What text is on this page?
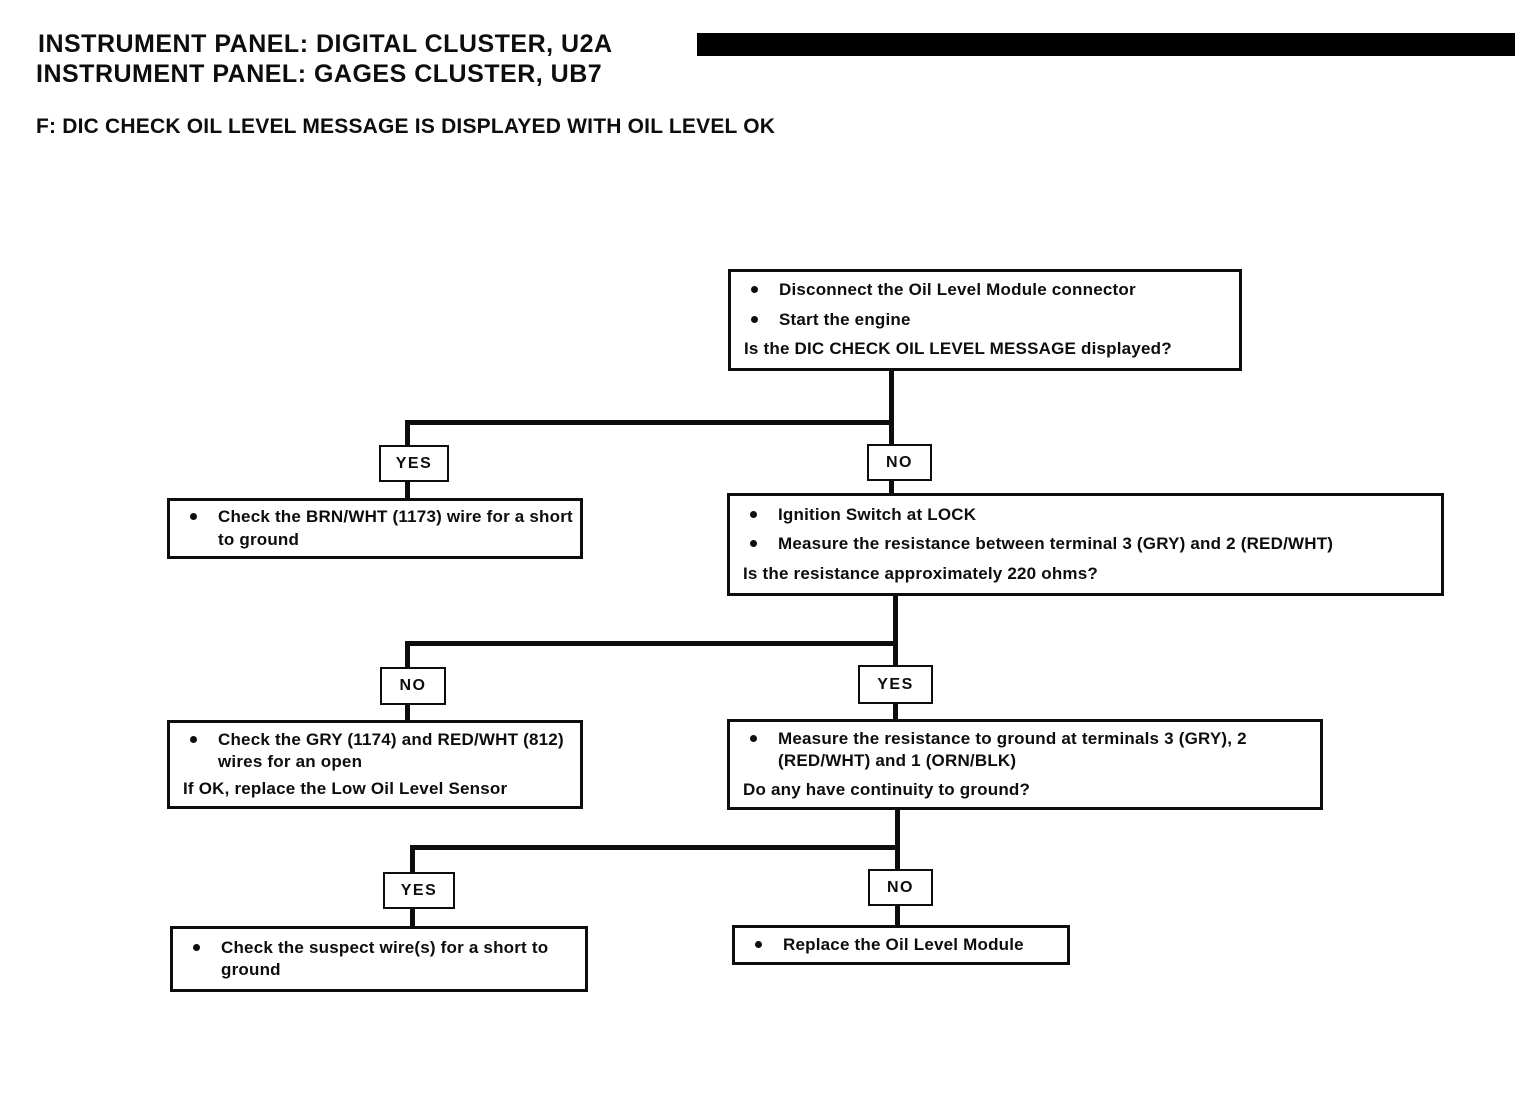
INSTRUMENT PANEL: DIGITAL CLUSTER, U2A
INSTRUMENT PANEL: GAGES CLUSTER, UB7
F: DIC CHECK OIL LEVEL MESSAGE IS DISPLAYED WITH OIL LEVEL OK
Disconnect the Oil Level Module connector
Start the engine
Is the DIC CHECK OIL LEVEL MESSAGE displayed?
YES	NO
Check the BRN/WHT (1173) wire for a short to ground
Ignition Switch at LOCK
Measure the resistance between terminal 3 (GRY) and 2 (RED/WHT)
Is the resistance approximately 220 ohms?
NO	YES
Check the GRY (1174) and RED/WHT (812) wires for an open
If OK, replace the Low Oil Level Sensor
Measure the resistance to ground at terminals 3 (GRY), 2 (RED/WHT) and 1 (ORN/BLK)
Do any have continuity to ground?
YES	NO
Check the suspect wire(s) for a short to ground
Replace the Oil Level Module
